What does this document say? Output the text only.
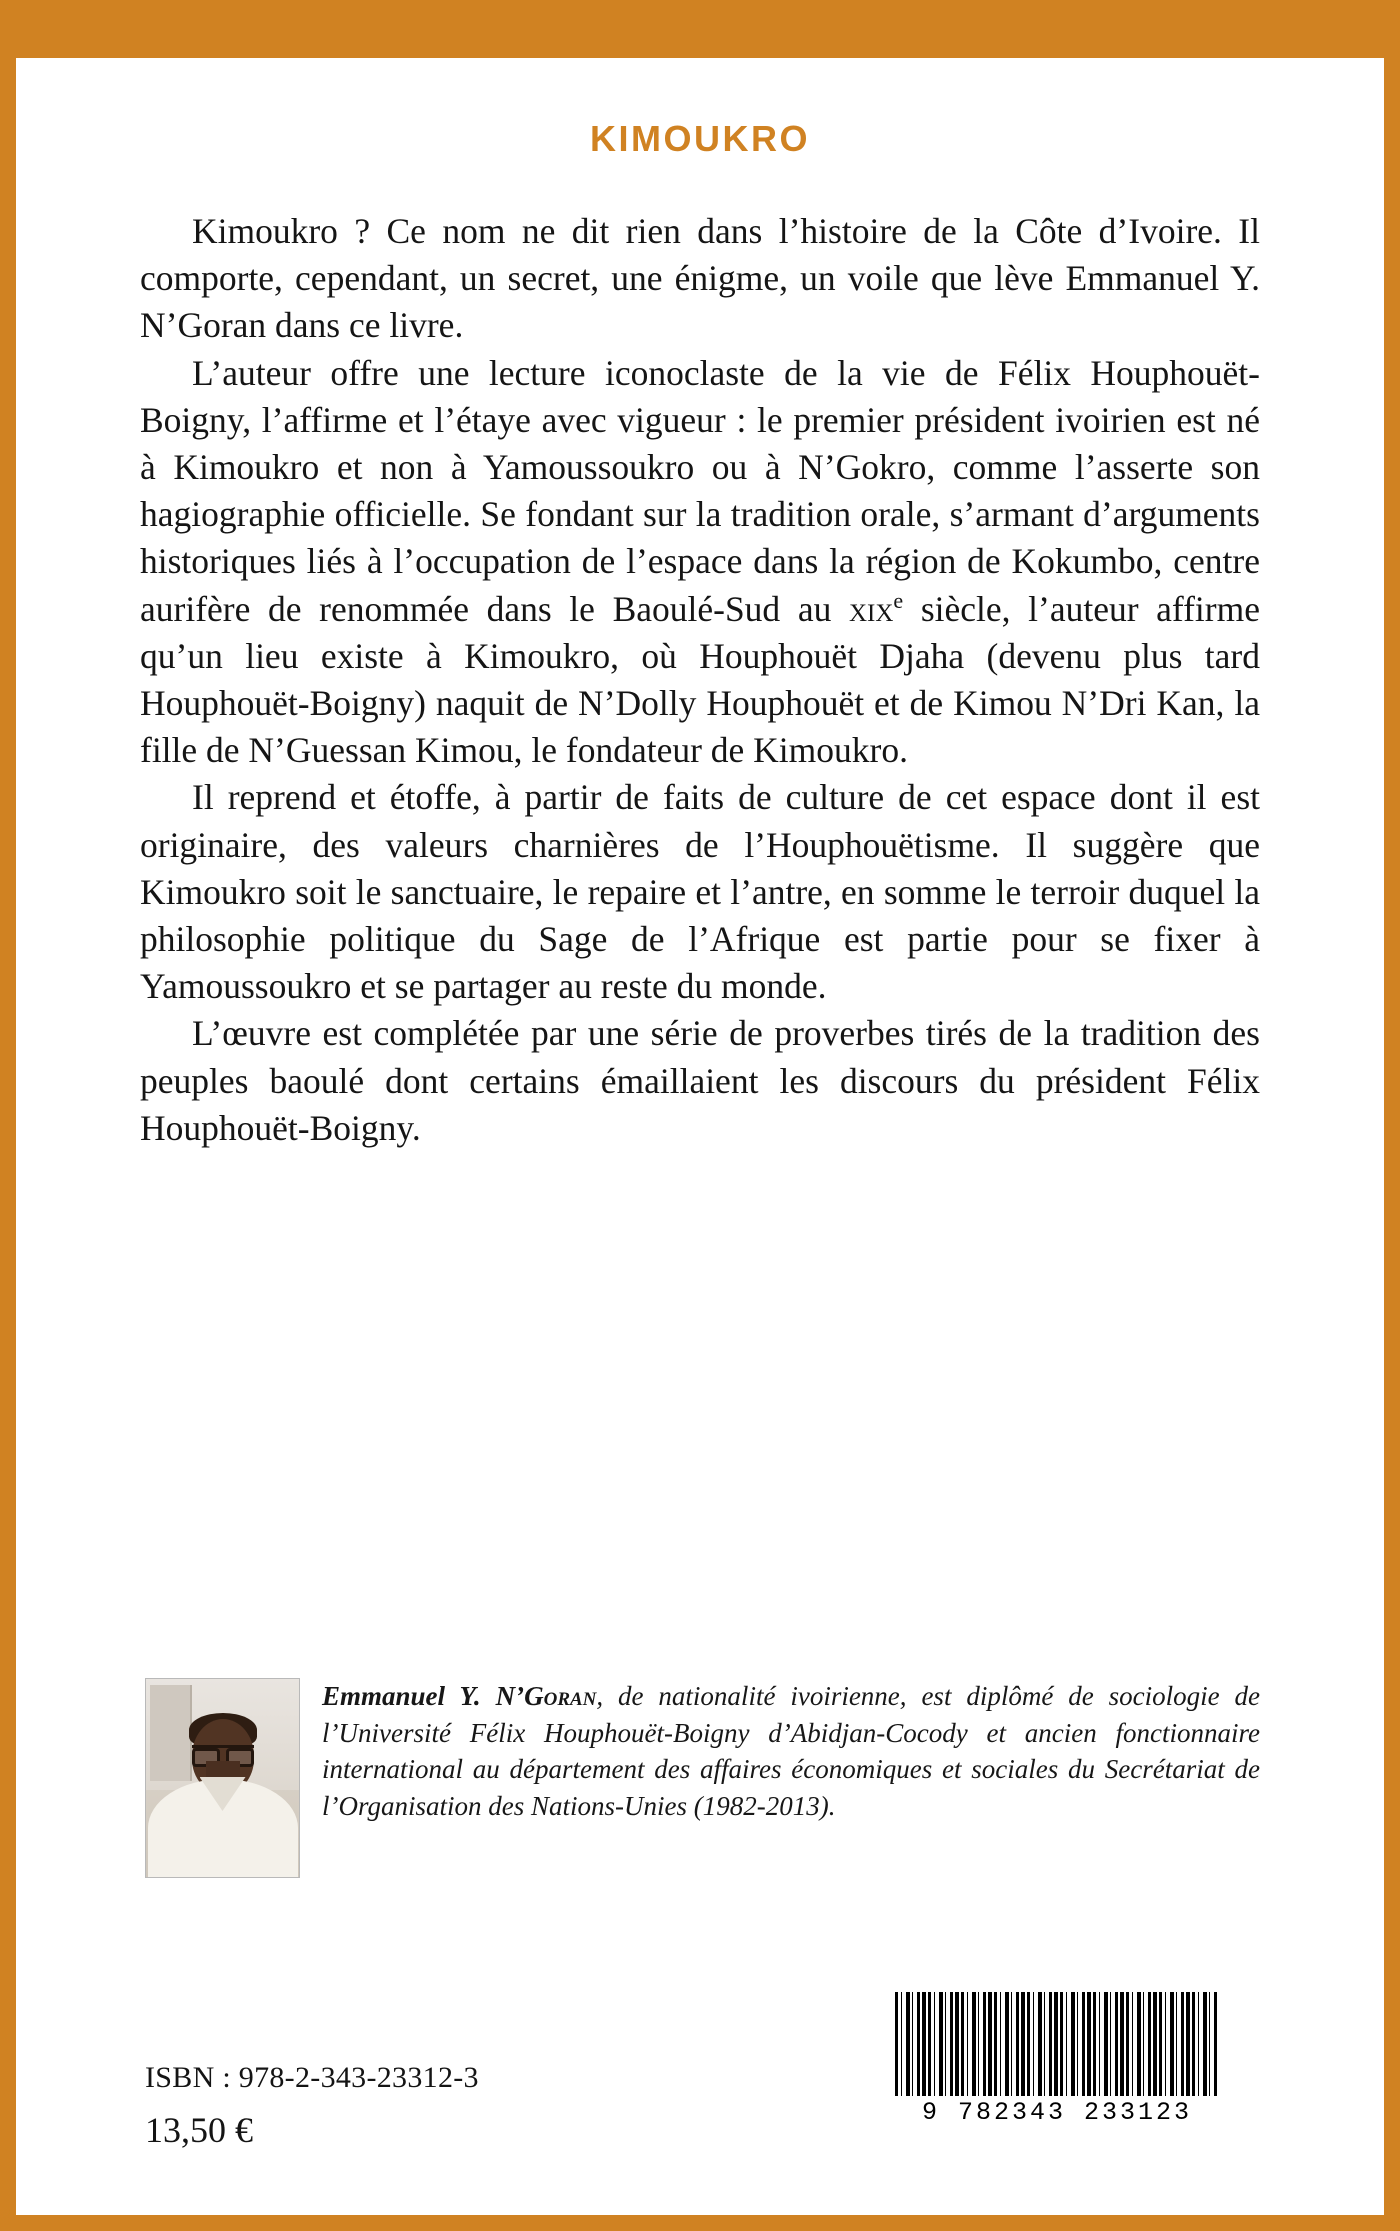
KIMOUKRO

Kimoukro ? Ce nom ne dit rien dans l’histoire de la Côte d’Ivoire. Il comporte, cependant, un secret, une énigme, un voile que lève Emmanuel Y. N’Goran dans ce livre.

L’auteur offre une lecture iconoclaste de la vie de Félix Houphouët-Boigny, l’affirme et l’étaye avec vigueur : le premier président ivoirien est né à Kimoukro et non à Yamoussoukro ou à N’Gokro, comme l’asserte son hagiographie officielle. Se fondant sur la tradition orale, s’armant d’arguments historiques liés à l’occupation de l’espace dans la région de Kokumbo, centre aurifère de renommée dans le Baoulé-Sud au xix$^e$ siècle, l’auteur affirme qu’un lieu existe à Kimoukro, où Houphouët Djaha (devenu plus tard Houphouët-Boigny) naquit de N’Dolly Houphouët et de Kimou N’Dri Kan, la fille de N’Guessan Kimou, le fondateur de Kimoukro.

Il reprend et étoffe, à partir de faits de culture de cet espace dont il est originaire, des valeurs charnières de l’Houphouëtisme. Il suggère que Kimoukro soit le sanctuaire, le repaire et l’antre, en somme le terroir duquel la philosophie politique du Sage de l’Afrique est partie pour se fixer à Yamoussoukro et se partager au reste du monde.

L’œuvre est complétée par une série de proverbes tirés de la tradition des peuples baoulé dont certains émaillaient les discours du président Félix Houphouët-Boigny.

Emmanuel Y. N’Goran, de nationalité ivoirienne, est diplômé de sociologie de l’Université Félix Houphouët-Boigny d’Abidjan-Cocody et ancien fonctionnaire international au département des affaires économiques et sociales du Secrétariat de l’Organisation des Nations-Unies (1982-2013).

ISBN : 978-2-343-23312-3

13,50 €	9 782343 233123
